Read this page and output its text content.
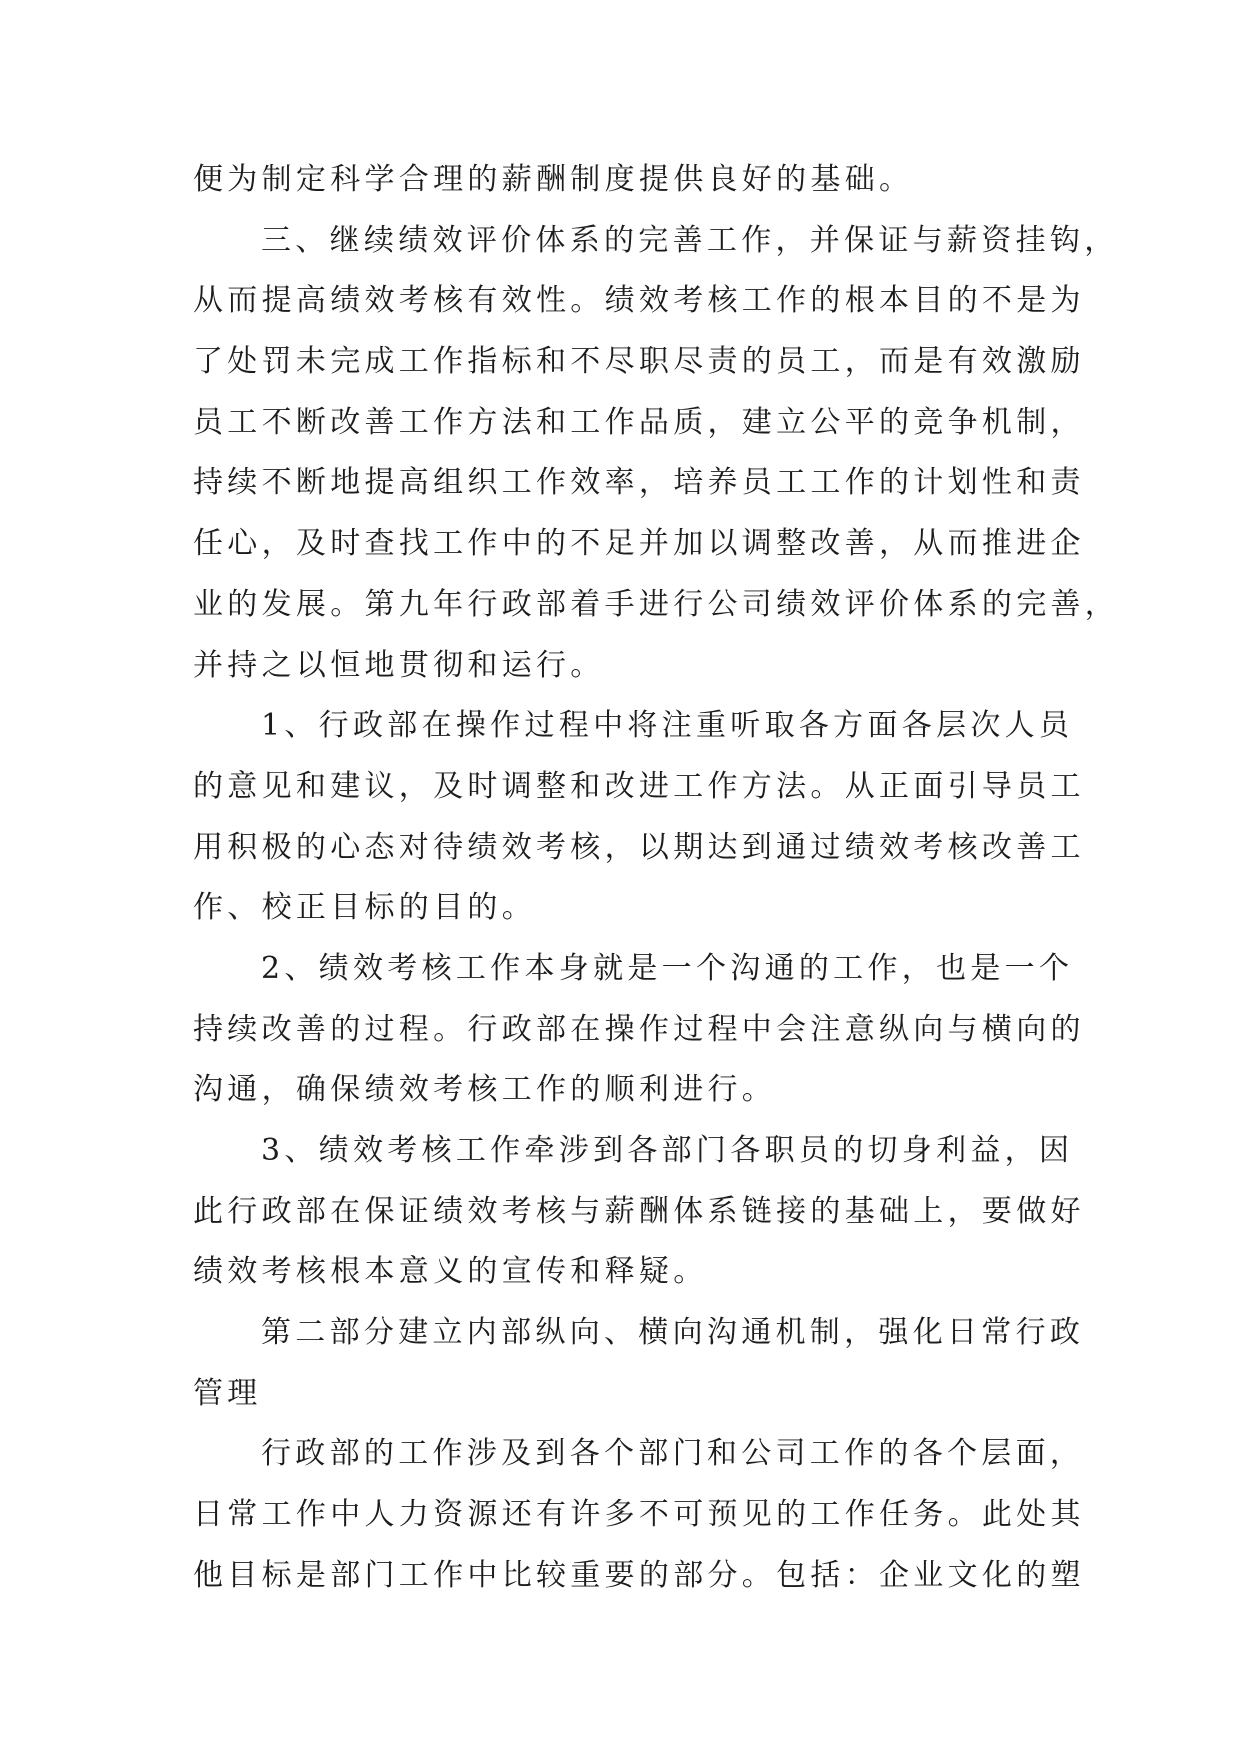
便为制定科学合理的薪酬制度提供良好的基础。
三、继续绩效评价体系的完善工作，并保证与薪资挂钩，
从而提高绩效考核有效性。绩效考核工作的根本目的不是为
了处罚未完成工作指标和不尽职尽责的员工，而是有效激励
员工不断改善工作方法和工作品质，建立公平的竞争机制，
持续不断地提高组织工作效率，培养员工工作的计划性和责
任心，及时查找工作中的不足并加以调整改善，从而推进企
业的发展。第九年行政部着手进行公司绩效评价体系的完善，
并持之以恒地贯彻和运行。
1、行政部在操作过程中将注重听取各方面各层次人员
的意见和建议，及时调整和改进工作方法。从正面引导员工
用积极的心态对待绩效考核，以期达到通过绩效考核改善工
作、校正目标的目的。
2、绩效考核工作本身就是一个沟通的工作，也是一个
持续改善的过程。行政部在操作过程中会注意纵向与横向的
沟通，确保绩效考核工作的顺利进行。
3、绩效考核工作牵涉到各部门各职员的切身利益，因
此行政部在保证绩效考核与薪酬体系链接的基础上，要做好
绩效考核根本意义的宣传和释疑。
第二部分建立内部纵向、横向沟通机制，强化日常行政
管理
行政部的工作涉及到各个部门和公司工作的各个层面，
日常工作中人力资源还有许多不可预见的工作任务。此处其
他目标是部门工作中比较重要的部分。包括：企业文化的塑
